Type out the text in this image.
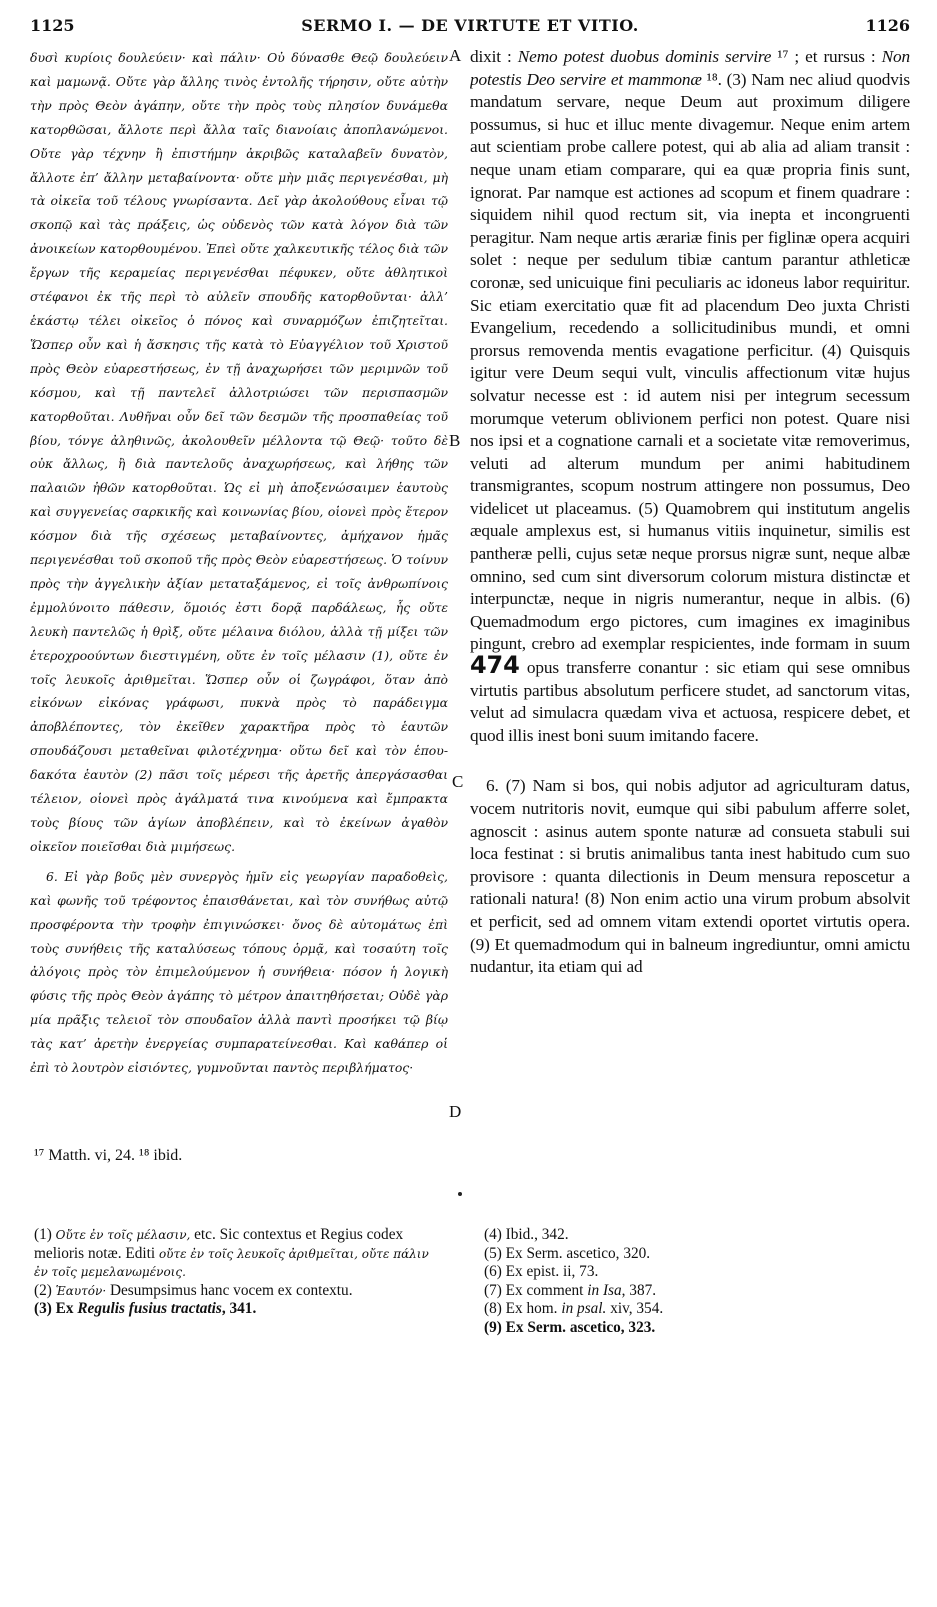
1125	SERMO I. — DE VIRTUTE ET VITIO.	1126

δυσὶ κυρίοις δουλεύειν· καὶ πάλιν· Οὐ δύνασθε Θεῷ δουλεύειν καὶ μαμωνᾷ. Οὔτε γὰρ ἄλλης τινὸς ἐντολῆς τήρησιν, οὔτε αὐτὴν τὴν πρὸς Θεὸν ἀγάπην, οὔτε τὴν πρὸς τοὺς πλησίον δυνάμεθα κατορθῶσαι, ἄλλοτε περὶ ἄλλα ταῖς διανοίαις ἀποπλανώμενοι. Οὔτε γὰρ τέχνην ἢ ἐπιστήμην ἀκριβῶς καταλαβεῖν δυνατὸν, ἄλλοτε ἐπ’ ἄλλην μεταβαίνοντα· οὔτε μὴν μιᾶς περιγενέσθαι, μὴ τὰ οἰκεῖα τοῦ τέλους γνωρίσαντα. Δεῖ γὰρ ἀκολούθους εἶναι τῷ σκοπῷ καὶ τὰς πράξεις, ὡς οὐδενὸς τῶν κατὰ λόγον διὰ τῶν ἀνοικείων κατορθουμένου. Ἐπεὶ οὔτε χαλκευτικῆς τέλος διὰ τῶν ἔργων τῆς κεραμείας περιγενέσθαι πέφυκεν, οὔτε ἀθλητικοὶ στέφανοι ἐκ τῆς περὶ τὸ αὐλεῖν σπουδῆς κατορθοῦνται· ἀλλ’ ἑκάστῳ τέλει οἰκεῖος ὁ πόνος καὶ συναρμόζων ἐπιζητεῖται. Ὥσπερ οὖν καὶ ἡ ἄσκησις τῆς κατὰ τὸ Εὐαγγέλιον τοῦ Χριστοῦ πρὸς Θεὸν εὐαρεστήσεως, ἐν τῇ ἀναχωρήσει τῶν μεριμνῶν τοῦ κόσμου, καὶ τῇ παντελεῖ ἀλλοτριώσει τῶν περισπασμῶν κατορθοῦται. Λυθῆναι οὖν δεῖ τῶν δεσμῶν τῆς προσπαθείας τοῦ βίου, τόνγε ἀληθινῶς, ἀκολουθεῖν μέλλοντα τῷ Θεῷ· τοῦτο δὲ οὐκ ἄλλως, ἢ διὰ παντελοῦς ἀναχωρήσεως, καὶ λήθης τῶν παλαιῶν ἠθῶν κατορθοῦται. Ὡς εἰ μὴ ἀποξενώσαιμεν ἑαυτοὺς καὶ συγγενείας σαρκικῆς καὶ κοινωνίας βίου, οἱονεὶ πρὸς ἕτερον κόσμον διὰ τῆς σχέσεως μεταβαίνοντες, ἀμήχανον ἡμᾶς περιγενέσθαι τοῦ σκοποῦ τῆς πρὸς Θεὸν εὐαρεστήσεως. Ὁ τοίνυν πρὸς τὴν ἀγγελικὴν ἀξίαν μεταταξάμενος, εἰ τοῖς ἀνθρωπίνοις ἐμμολύνοιτο πάθεσιν, ὅμοιός ἐστι δορᾷ παρδάλεως, ἧς οὔτε λευκὴ παντελῶς ἡ θρὶξ, οὔτε μέλαινα διόλου, ἀλλὰ τῇ μίξει τῶν ἑτεροχροούντων διεστιγμένη, οὔτε ἐν τοῖς μέλασιν (1), οὔτε ἐν τοῖς λευκοῖς ἀριθμεῖται. Ὥσπερ οὖν οἱ ζωγράφοι, ὅταν ἀπὸ εἰκόνων εἰκόνας γράφωσι, πυκνὰ πρὸς τὸ παράδειγμα ἀποβλέποντες, τὸν ἐκεῖθεν χαρακτῆρα πρὸς τὸ ἑαυτῶν σπουδάζουσι μεταθεῖναι φιλοτέχνημα· οὕτω δεῖ καὶ τὸν ἑπουδακότα ἑαυτὸν (2) πᾶσι τοῖς μέρεσι τῆς ἀρετῆς ἀπεργάσασθαι τέλειον, οἱονεὶ πρὸς ἀγάλματά τινα κινούμενα καὶ ἔμπρακτα τοὺς βίους τῶν ἁγίων ἀποβλέπειν, καὶ τὸ ἐκείνων ἀγαθὸν οἰκεῖον ποιεῖσθαι διὰ μιμήσεως.

6. Εἰ γὰρ βοῦς μὲν συνεργὸς ἡμῖν εἰς γεωργίαν παραδοθεὶς, καὶ φωνῆς τοῦ τρέφοντος ἐπαισθάνεται, καὶ τὸν συνήθως αὐτῷ προσφέροντα τὴν τροφὴν ἐπιγινώσκει· ὄνος δὲ αὐτομάτως ἐπὶ τοὺς συνήθεις τῆς καταλύσεως τόπους ὁρμᾷ, καὶ τοσαύτη τοῖς ἀλόγοις πρὸς τὸν ἐπιμελούμενον ἡ συνήθεια· πόσον ἡ λογικὴ φύσις τῆς πρὸς Θεὸν ἀγάπης τὸ μέτρον ἀπαιτηθήσεται; Οὐδὲ γὰρ μία πρᾶξις τελειοῖ τὸν σπουδαῖον ἀλλὰ παντὶ προσήκει τῷ βίῳ τὰς κατ’ ἀρετὴν ἐνεργείας συμπαρατείνεσθαι. Καὶ καθάπερ οἱ ἐπὶ τὸ λουτρὸν εἰσιόντες, γυμνοῦνται παντὸς περιβλήματος·

A
B
C
D

dixit : Nemo potest duobus dominis servire ¹⁷ ; et rursus : Non potestis Deo servire et mammonæ ¹⁸. (3) Nam nec aliud quodvis mandatum servare, neque Deum aut proximum diligere possumus, si huc et illuc mente divagemur. Neque enim artem aut scientiam probe callere potest, qui ab alia ad aliam transit : neque unam etiam comparare, qui ea quæ propria finis sunt, ignorat. Par namque est actiones ad scopum et finem quadrare : siquidem nihil quod rectum sit, via inepta et incongruenti peragitur. Nam neque artis ærariæ finis per figlinæ opera acquiri solet : neque per sedulum tibiæ cantum parantur athleticæ coronæ, sed unicuique fini peculiaris ac idoneus labor requiritur. Sic etiam exercitatio quæ fit ad placendum Deo juxta Christi Evangelium, recedendo a sollicitudinibus mundi, et omni prorsus removenda mentis evagatione perficitur. (4) Quisquis igitur vere Deum sequi vult, vinculis affectionum vitæ hujus solvatur necesse est : id autem nisi per integrum secessum morumque veterum oblivionem perfici non potest. Quare nisi nos ipsi et a cognatione carnali et a societate vitæ removerimus, veluti ad alterum mundum per animi habitudinem transmigrantes, scopum nostrum attingere non possumus, Deo videlicet ut placeamus. (5) Quamobrem qui institutum angelis æquale amplexus est, si humanus vitiis inquinetur, similis est pantheræ pelli, cujus setæ neque prorsus nigræ sunt, neque albæ omnino, sed cum sint diversorum colorum mistura distinctæ et interpunctæ, neque in nigris numerantur, neque in albis. (6) Quemadmodum ergo pictores, cum imagines ex imaginibus pingunt, crebro ad exemplar respicientes, inde formam in suum 474 opus transferre conantur : sic etiam qui sese omnibus virtutis partibus absolutum perficere studet, ad sanctorum vitas, velut ad simulacra quædam viva et actuosa, respicere debet, et quod illis inest boni suum imitando facere.

6. (7) Nam si bos, qui nobis adjutor ad agriculturam datus, vocem nutritoris novit, eumque qui sibi pabulum afferre solet, agnoscit : asinus autem sponte naturæ ad consueta stabuli sui loca festinat : si brutis animalibus tanta inest habitudo cum suo provisore : quanta dilectionis in Deum mensura reposcetur a rationali natura! (8) Non enim actio una virum probum absolvit et perficit, sed ad omnem vitam extendi oportet virtutis opera. (9) Et quemadmodum qui in balneum ingrediuntur, omni amictu nudantur, ita etiam qui ad

¹⁷ Matth. vi, 24. ¹⁸ ibid.
(1) Οὔτε ἐν τοῖς μέλασιν, etc. Sic contextus et Regius codex melioris notæ. Editi οὔτε ἐν τοῖς λευκοῖς ἀριθμεῖται, οὔτε πάλιν ἐν τοῖς μεμελανωμένοις.
(2) Ἑαυτόν· Desumpsimus hanc vocem ex contextu.
(3) Ex Regulis fusius tractatis, 341.
(4) Ibid., 342.
(5) Ex Serm. ascetico, 320.
(6) Ex epist. ii, 73.
(7) Ex comment in Isa, 387.
(8) Ex hom. in psal. xiv, 354.
(9) Ex Serm. ascetico, 323.
